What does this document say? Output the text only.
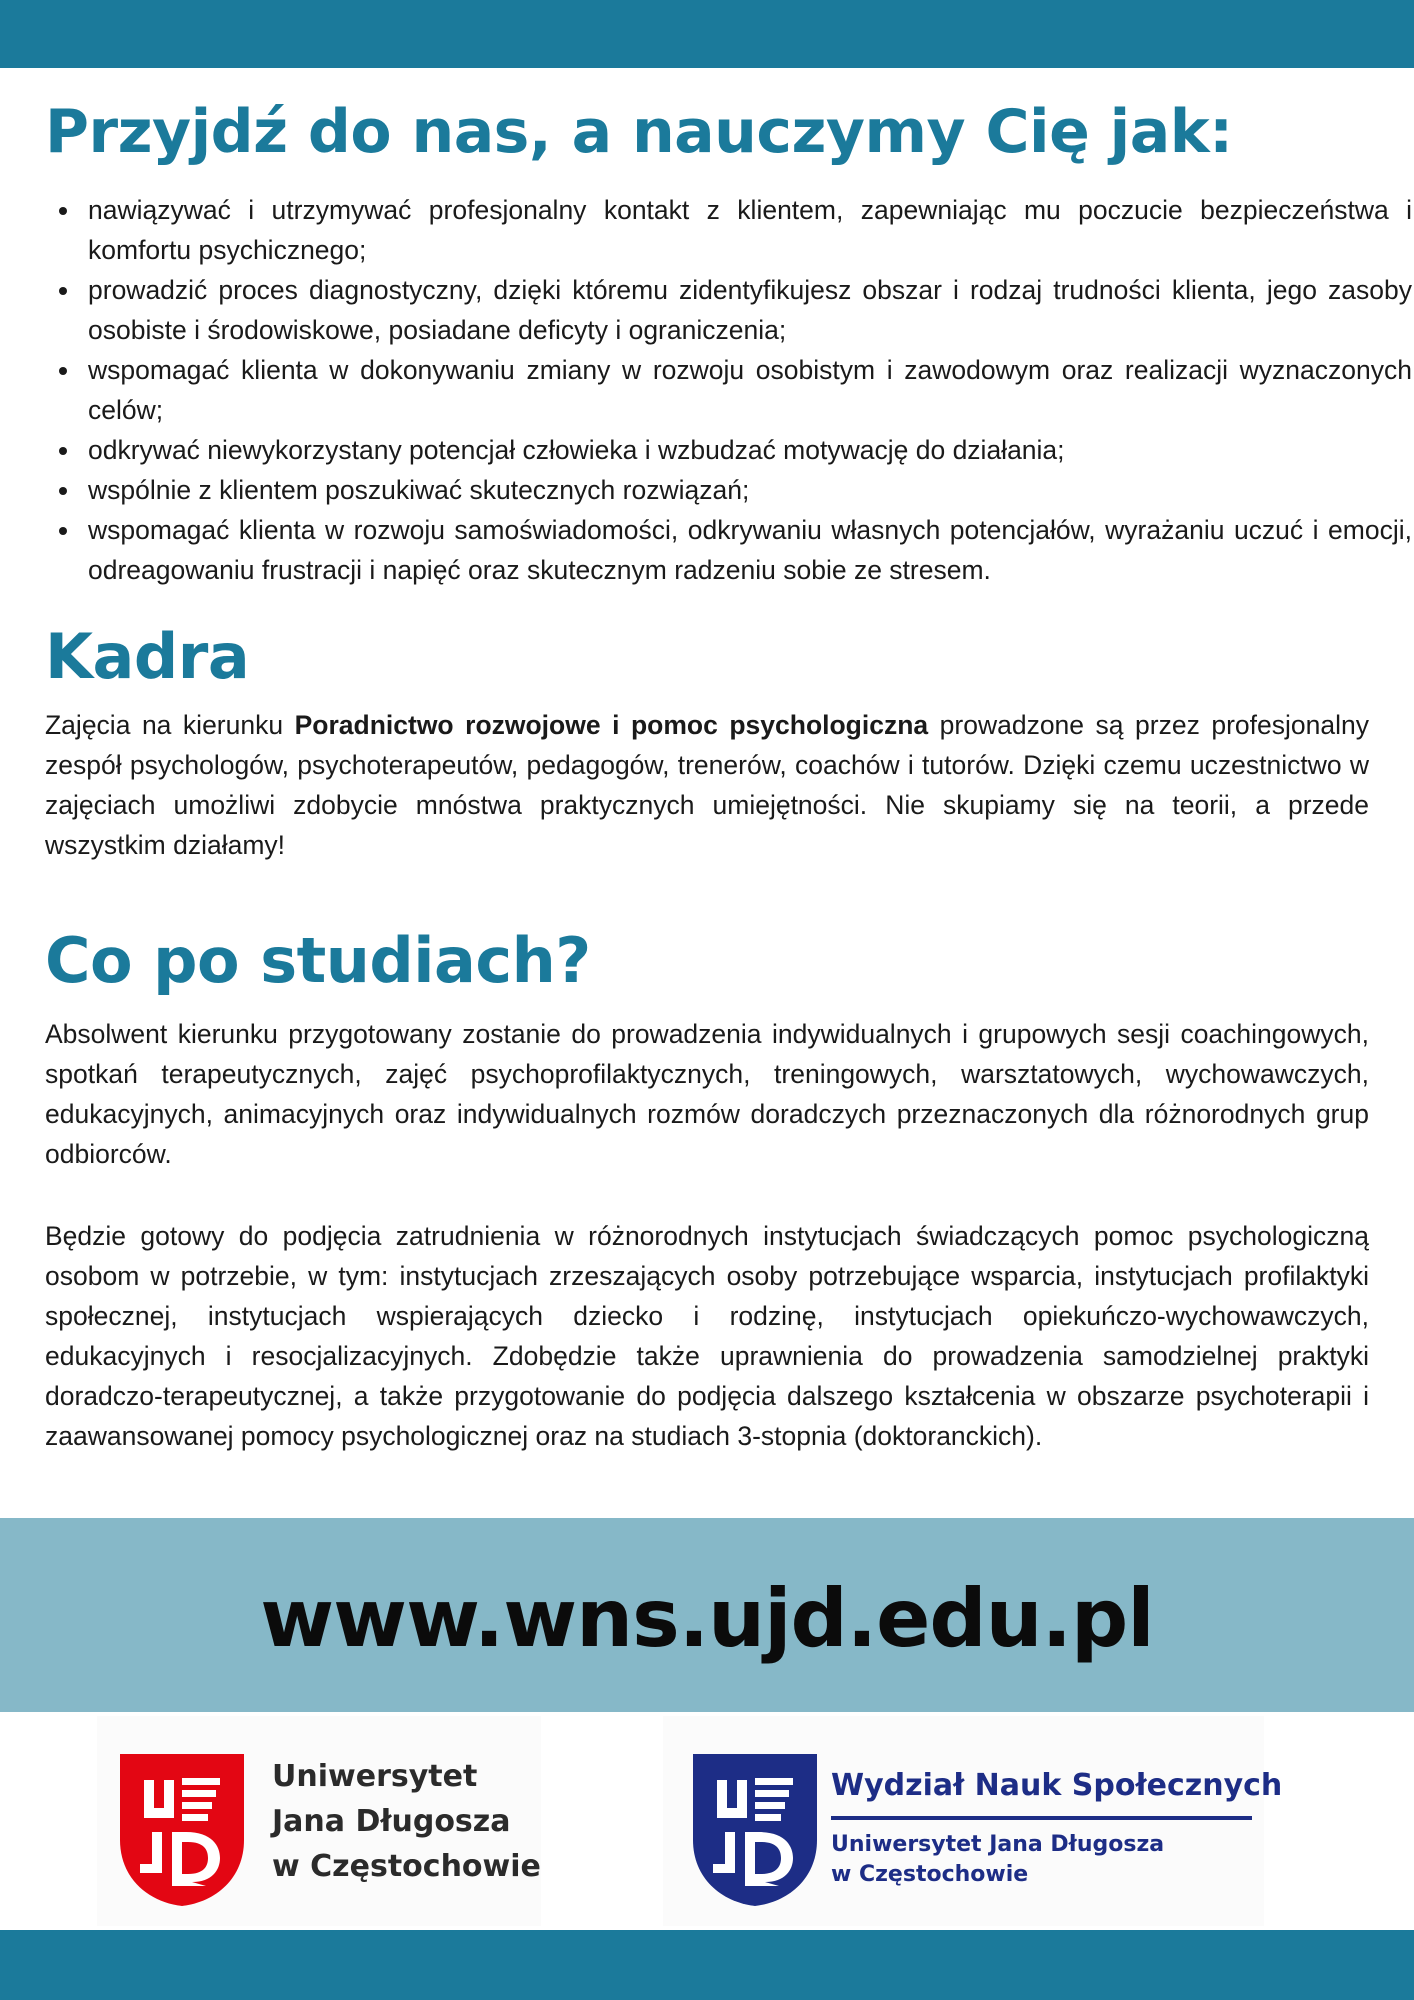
Przyjdź do nas, a nauczymy Cię jak:
nawiązywać i utrzymywać profesjonalny kontakt z klientem, zapewniając mu poczucie bezpieczeństwa i komfortu psychicznego;
prowadzić proces diagnostyczny, dzięki któremu zidentyfikujesz obszar i rodzaj trudności klienta, jego zasoby osobiste i środowiskowe, posiadane deficyty i ograniczenia;
wspomagać klienta w dokonywaniu zmiany w rozwoju osobistym i zawodowym oraz realizacji wyznaczonych celów;
odkrywać niewykorzystany potencjał człowieka i wzbudzać motywację do działania;
wspólnie z klientem poszukiwać skutecznych rozwiązań;
wspomagać klienta w rozwoju samoświadomości, odkrywaniu własnych potencjałów, wyrażaniu uczuć i emocji, odreagowaniu frustracji i napięć oraz skutecznym radzeniu sobie ze stresem.
Kadra

Zajęcia na kierunku Poradnictwo rozwojowe i pomoc psychologiczna prowadzone są przez profesjonalny zespół psychologów, psychoterapeutów, pedagogów, trenerów, coachów i tutorów. Dzięki czemu uczestnictwo w zajęciach umożliwi zdobycie mnóstwa praktycznych umiejętności. Nie skupiamy się na teorii, a przede wszystkim działamy!

Co po studiach?

Absolwent kierunku przygotowany zostanie do prowadzenia indywidualnych i grupowych sesji coachingowych, spotkań terapeutycznych, zajęć psychoprofilaktycznych, treningowych, warsztatowych, wychowawczych, edukacyjnych, animacyjnych oraz indywidualnych rozmów doradczych przeznaczonych dla różnorodnych grup odbiorców.

Będzie gotowy do podjęcia zatrudnienia w różnorodnych instytucjach świadczących pomoc psychologiczną osobom w potrzebie, w tym: instytucjach zrzeszających osoby potrzebujące wsparcia, instytucjach profilaktyki społecznej, instytucjach wspierających dziecko i rodzinę, instytucjach opiekuńczo-wychowawczych, edukacyjnych i resocjalizacyjnych. Zdobędzie także uprawnienia do prowadzenia samodzielnej praktyki doradczo-terapeutycznej, a także przygotowanie do podjęcia dalszego kształcenia w obszarze psychoterapii i zaawansowanej pomocy psychologicznej oraz na studiach 3-stopnia (doktoranckich).

www.wns.ujd.edu.pl
Uniwersytet
Jana Długosza
w Częstochowie
Wydział Nauk Społecznych
Uniwersytet Jana Długosza
w Częstochowie
